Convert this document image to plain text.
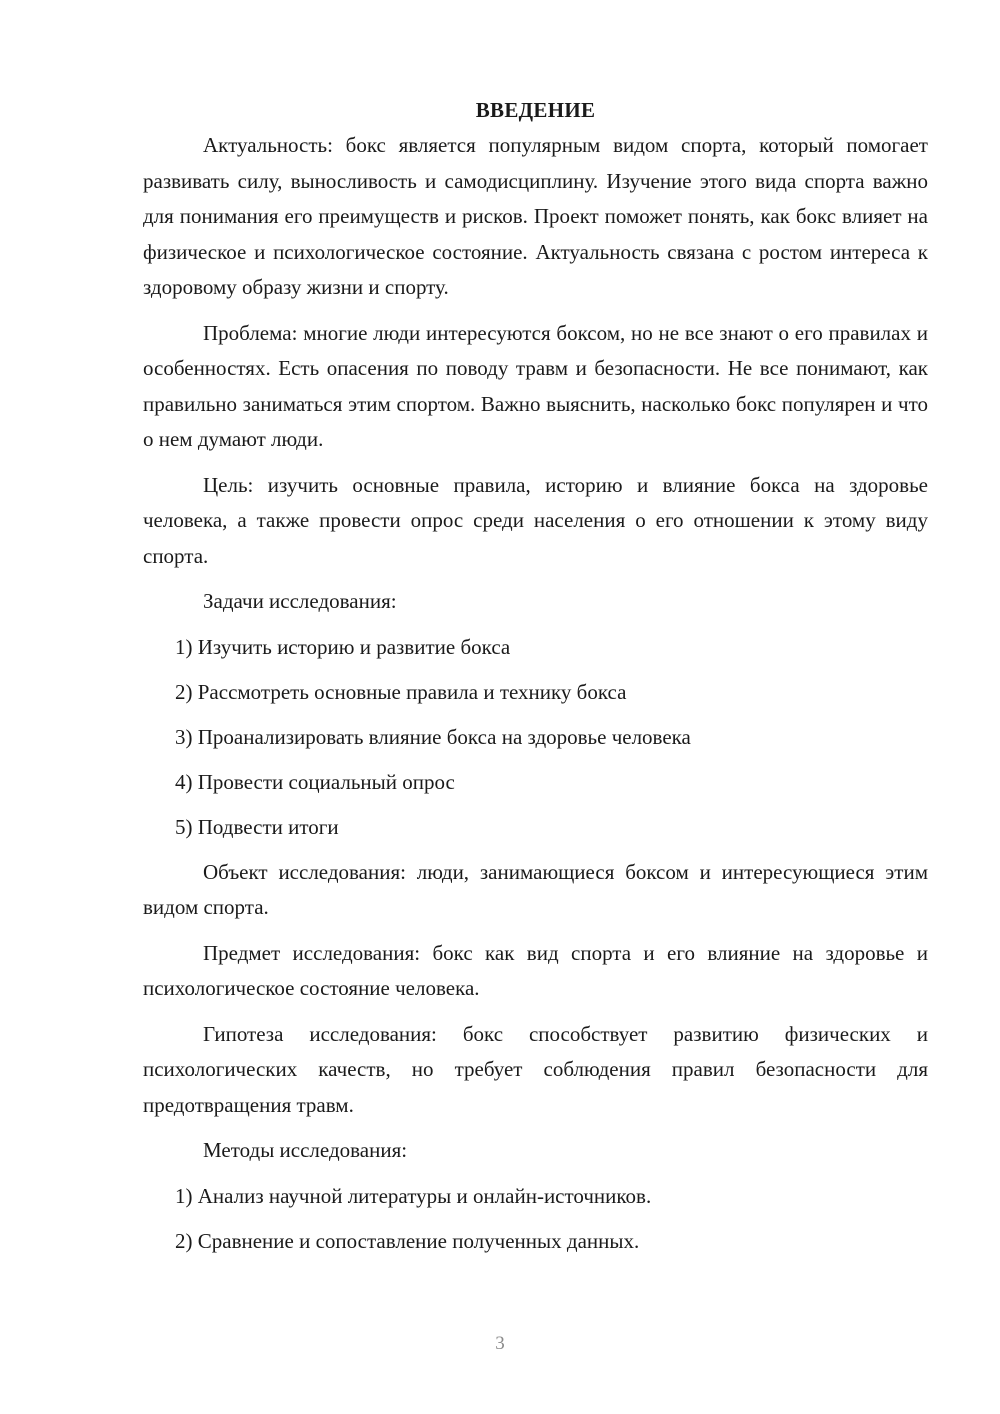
ВВЕДЕНИЕ

Актуальность: бокс является популярным видом спорта, который помогает развивать силу, выносливость и самодисциплину. Изучение этого вида спорта важно для понимания его преимуществ и рисков. Проект поможет понять, как бокс влияет на физическое и психологическое состояние. Актуальность связана с ростом интереса к здоровому образу жизни и спорту.

Проблема: многие люди интересуются боксом, но не все знают о его правилах и особенностях. Есть опасения по поводу травм и безопасности. Не все понимают, как правильно заниматься этим спортом. Важно выяснить, насколько бокс популярен и что о нем думают люди.

Цель: изучить основные правила, историю и влияние бокса на здоровье человека, а также провести опрос среди населения о его отношении к этому виду спорта.

Задачи исследования:
1) Изучить историю и развитие бокса
2) Рассмотреть основные правила и технику бокса
3) Проанализировать влияние бокса на здоровье человека
4) Провести социальный опрос
5) Подвести итоги

Объект исследования: люди, занимающиеся боксом и интересующиеся этим видом спорта.

Предмет исследования: бокс как вид спорта и его влияние на здоровье и психологическое состояние человека.

Гипотеза исследования: бокс способствует развитию физических и психологических качеств, но требует соблюдения правил безопасности для предотвращения травм.

Методы исследования:
1) Анализ научной литературы и онлайн-источников.
2) Сравнение и сопоставление полученных данных.
3
